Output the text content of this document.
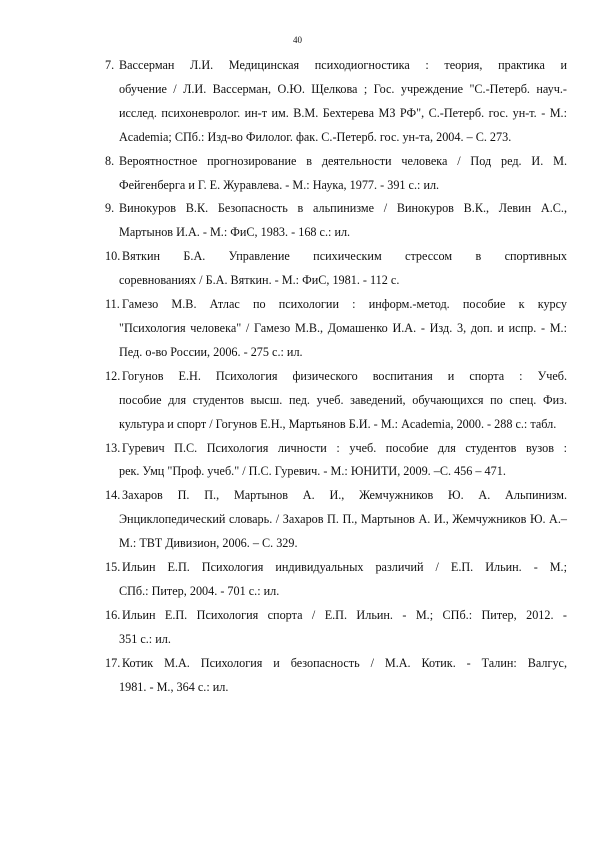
40
7. Вассерман Л.И. Медицинская психодиогностика : теория, практика и
обучение / Л.И. Вассерман, О.Ю. Щелкова ; Гос. учреждение "С.-Петерб. науч.-исслед. психоневролог. ин-т им. В.М. Бехтерева МЗ РФ", С.-Петерб. гос. ун-т. - М.: Academia; СПб.: Изд-во Филолог. фак. С.-Петерб. гос. ун-та, 2004. – С. 273.
8. Вероятностное прогнозирование в деятельности человека / Под ред. И. М.
Фейгенберга и Г. Е. Журавлева. - М.: Наука, 1977. - 391 с.: ил.
9. Винокуров В.К. Безопасность в альпинизме / Винокуров В.К., Левин А.С.,
Мартынов И.А. - М.: ФиС, 1983. - 168 с.: ил.
10. Вяткин Б.А. Управление психическим стрессом в спортивных
соревнованиях / Б.А. Вяткин. - М.: ФиС, 1981. - 112 с.
11. Гамезо М.В. Атлас по психологии : информ.-метод. пособие к курсу
"Психология человека" / Гамезо М.В., Домашенко И.А. - Изд. 3, доп. и испр. - М.: Пед. о-во России, 2006. - 275 с.: ил.
12. Гогунов Е.Н. Психология физического воспитания и спорта : Учеб.
пособие для студентов высш. пед. учеб. заведений, обучающихся по спец. Физ. культура и спорт / Гогунов Е.Н., Мартьянов Б.И. - М.: Academia, 2000. - 288 с.: табл.
13. Гуревич П.С. Психология личности : учеб. пособие для студентов вузов :
рек. Умц "Проф. учеб." / П.С. Гуревич. - М.: ЮНИТИ, 2009. –С. 456 – 471.
14. Захаров П. П., Мартынов А. И., Жемчужников Ю. А. Альпинизм.
Энциклопедический словарь. / Захаров П. П., Мартынов А. И., Жемчужников Ю. А.– М.: ТВТ Дивизион, 2006. – С. 329.
15. Ильин Е.П. Психология индивидуальных различий / Е.П. Ильин. - М.;
СПб.: Питер, 2004. - 701 с.: ил.
16. Ильин Е.П. Психология спорта / Е.П. Ильин. - М.; СПб.: Питер, 2012. -
351 с.: ил.
17. Котик М.А. Психология и безопасность / М.А. Котик. - Талин: Валгус,
1981. - М., 364 с.: ил.
